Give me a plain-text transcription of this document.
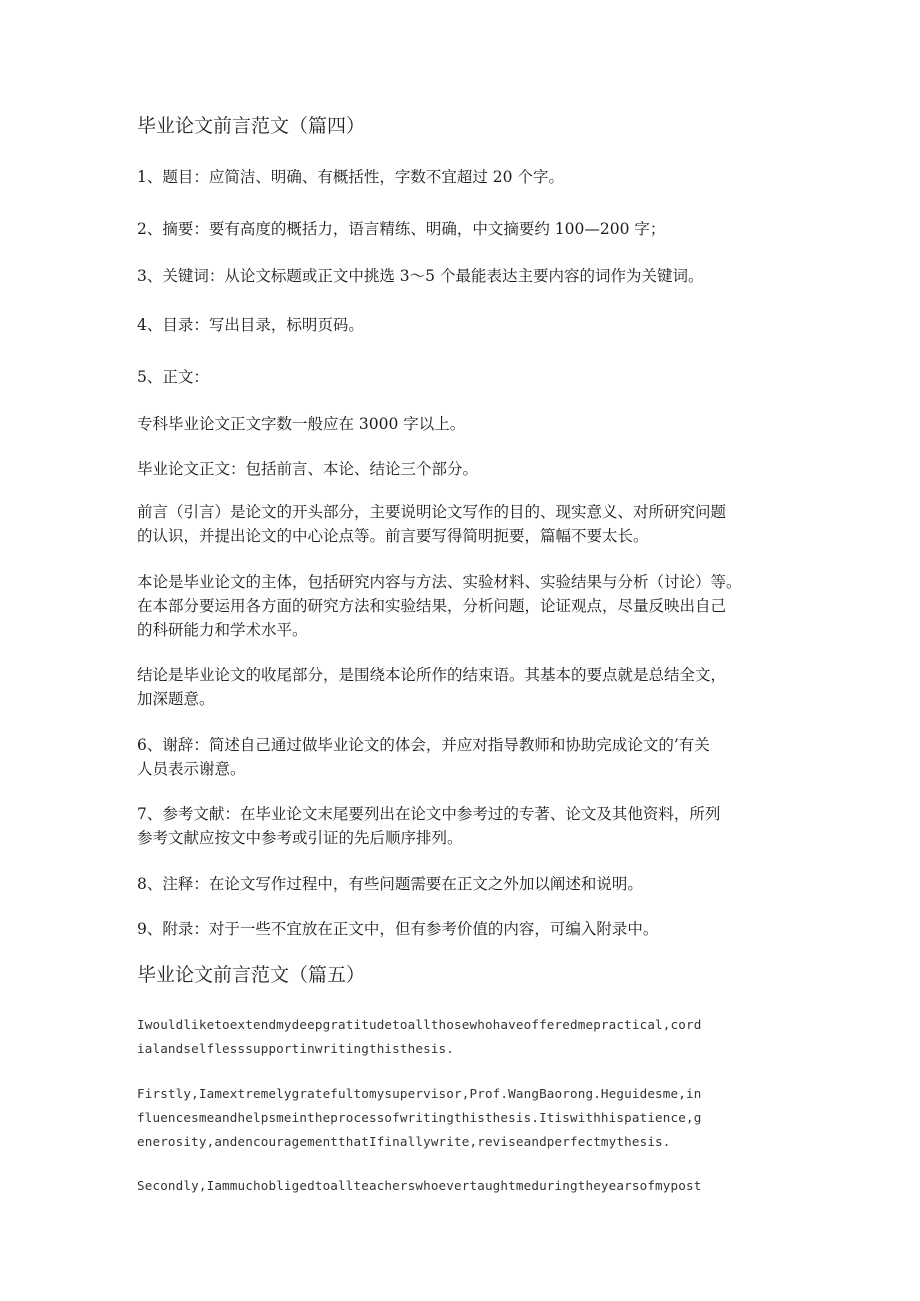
毕业论文前言范文（篇四）
1、题目：应简洁、明确、有概括性，字数不宜超过 20 个字。
2、摘要：要有高度的概括力，语言精练、明确，中文摘要约 100—200 字；
3、关键词：从论文标题或正文中挑选 3～5 个最能表达主要内容的词作为关键词。
4、目录：写出目录，标明页码。
5、正文：
专科毕业论文正文字数一般应在 3000 字以上。
毕业论文正文：包括前言、本论、结论三个部分。
前言（引言）是论文的开头部分，主要说明论文写作的目的、现实意义、对所研究问题
的认识，并提出论文的中心论点等。前言要写得简明扼要，篇幅不要太长。
本论是毕业论文的主体，包括研究内容与方法、实验材料、实验结果与分析（讨论）等。
在本部分要运用各方面的研究方法和实验结果，分析问题，论证观点，尽量反映出自己
的科研能力和学术水平。
结论是毕业论文的收尾部分，是围绕本论所作的结束语。其基本的要点就是总结全文，
加深题意。
6、谢辞：简述自己通过做毕业论文的体会，并应对指导教师和协助完成论文的’有关
人员表示谢意。
7、参考文献：在毕业论文末尾要列出在论文中参考过的专著、论文及其他资料，所列
参考文献应按文中参考或引证的先后顺序排列。
8、注释：在论文写作过程中，有些问题需要在正文之外加以阐述和说明。
9、附录：对于一些不宜放在正文中，但有参考价值的内容，可编入附录中。
毕业论文前言范文（篇五）
Iwouldliketoextendmydeepgratitudetoallthosewhohaveofferedmepractical,cord
ialandselflesssupportinwritingthisthesis.
Firstly,Iamextremelygratefultomysupervisor,Prof.WangBaorong.Heguidesme,in
fluencesmeandhelpsmeintheprocessofwritingthisthesis.Itiswithhispatience,g
enerosity,andencouragementthatIfinallywrite,reviseandperfectmythesis.
Secondly,Iammuchobligedtoallteacherswhoevertaughtmeduringtheyearsofmypost
